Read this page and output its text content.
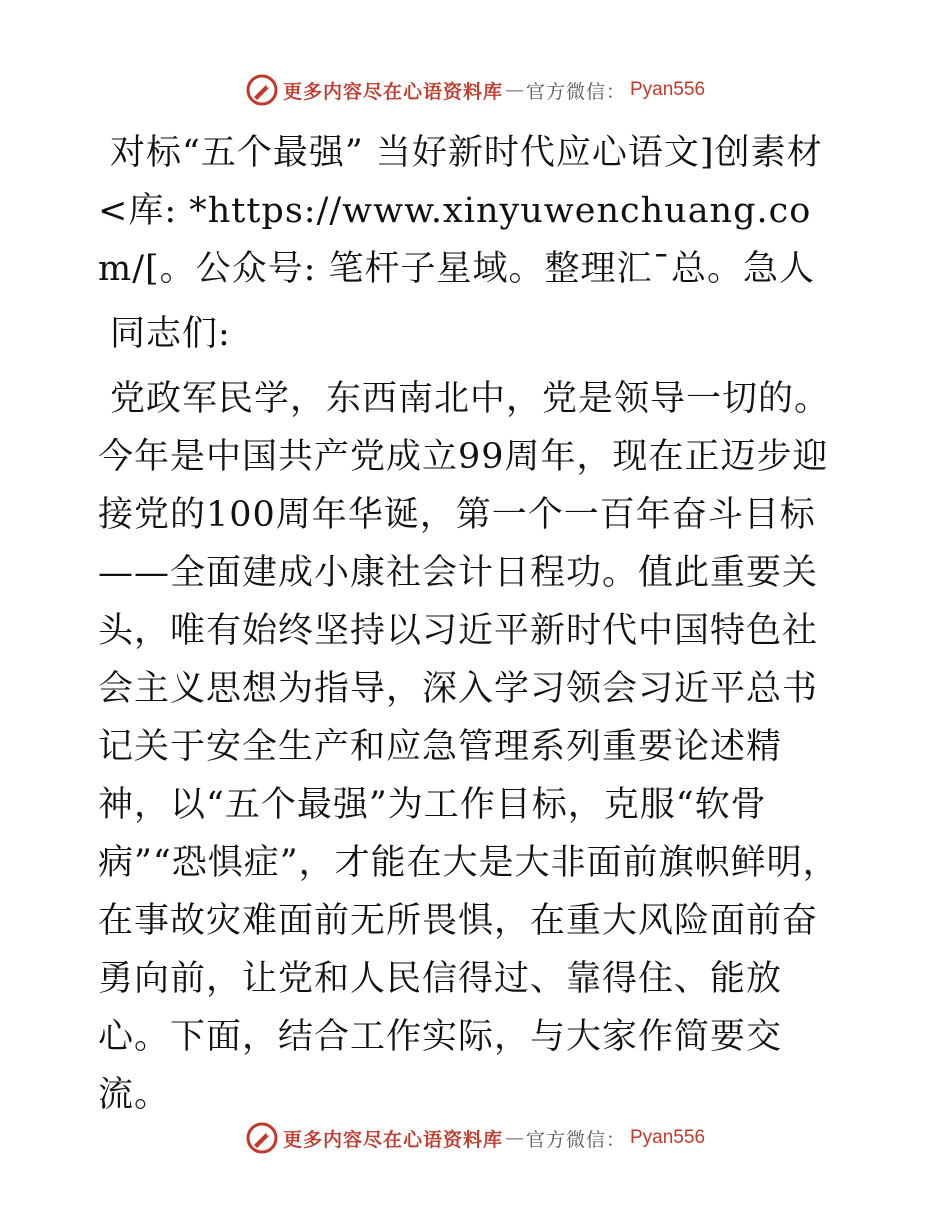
更多内容尽在心语资料库 — 官方微信： Pyan556

对标“五个最强” 当好新时代应心语文]创素材<库: *https://www.xinyuwenchuang.com/[。公众号: 笔杆子星域。整理汇¯总。急人

同志们:

党政军民学，东西南北中，党是领导一切的。今年是中国共产党成立99周年，现在正迈步迎接党的100周年华诞，第一个一百年奋斗目标——全面建成小康社会计日程功。值此重要关头，唯有始终坚持以习近平新时代中国特色社会主义思想为指导，深入学习领会习近平总书记关于安全生产和应急管理系列重要论述精神，以“五个最强”为工作目标，克服“软骨病”“恐惧症”，才能在大是大非面前旗帜鲜明，在事故灾难面前无所畏惧，在重大风险面前奋勇向前，让党和人民信得过、靠得住、能放心。下面，结合工作实际，与大家作简要交流。

更多内容尽在心语资料库 — 官方微信： Pyan556
